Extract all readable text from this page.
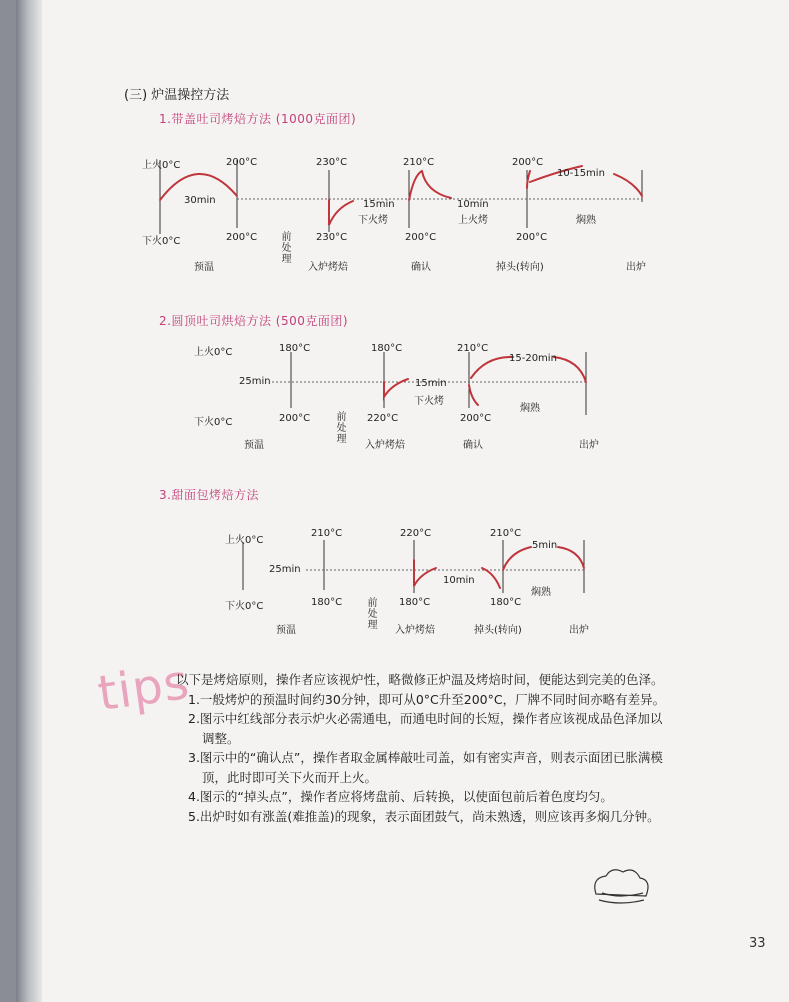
(三) 炉温操控方法
1.带盖吐司烤焙方法 (1000克面团)
上火0°C
下火0°C
200°C	230°C	210°C	200°C
200°C	230°C	200°C	200°C
30min	15min	10min
10-15min
下火烤	上火烤	焖熟
前处理
预温	入炉烤焙	确认	掉头(转向)	出炉
2.圆顶吐司烘焙方法 (500克面团)
上火0°C
下火0°C
180°C	180°C	210°C
200°C	220°C	200°C
25min	15min
15-20min
下火烤
焖熟
前处理
预温	入炉烤焙	确认	出炉
3.甜面包烤焙方法
上火0°C
下火0°C
210°C	220°C	210°C
180°C	180°C	180°C
25min
10min
5min
焖熟
前处理
预温	入炉烤焙	掉头(转向)	出炉
tips
以下是烤焙原则，操作者应该视炉性，略微修正炉温及烤焙时间，便能达到完美的色泽。
1.一般烤炉的预温时间约30分钟，即可从0°C升至200°C，厂牌不同时间亦略有差异。
2.图示中红线部分表示炉火必需通电，而通电时间的长短，操作者应该视成品色泽加以调整。
3.图示中的“确认点”，操作者取金属棒敲吐司盖，如有密实声音，则表示面团已胀满模顶，此时即可关下火而开上火。
4.图示的“掉头点”，操作者应将烤盘前、后转换，以使面包前后着色度均匀。
5.出炉时如有涨盖(难推盖)的现象，表示面团鼓气，尚未熟透，则应该再多焖几分钟。
33
